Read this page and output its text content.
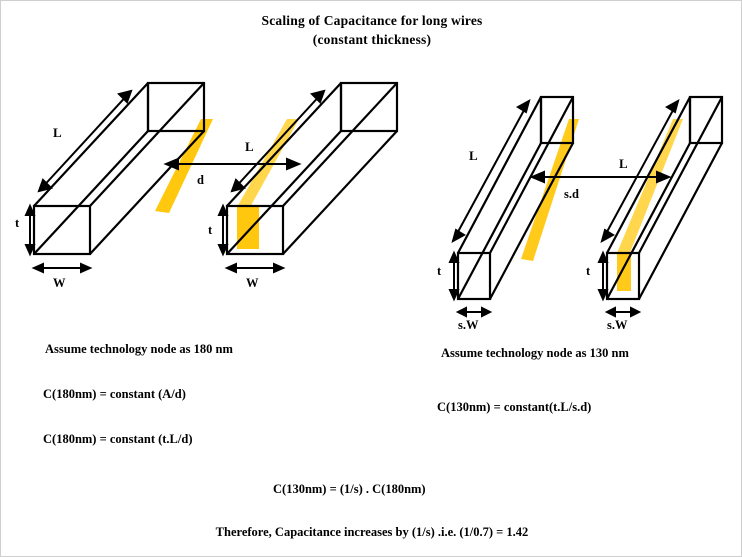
Scaling of Capacitance for long wires
(constant thickness)
L
L
t
W
t
W
d
L
L
t
s.W
t
s.W
s.d
Assume technology node as 180 nm	Assume technology node as 130 nm
C(180nm) = constant (A/d)
C(180nm) = constant (t.L/d)
C(130nm) = constant(t.L/s.d)
C(130nm) = (1/s) . C(180nm)
Therefore, Capacitance increases by (1/s) .i.e. (1/0.7) = 1.42
